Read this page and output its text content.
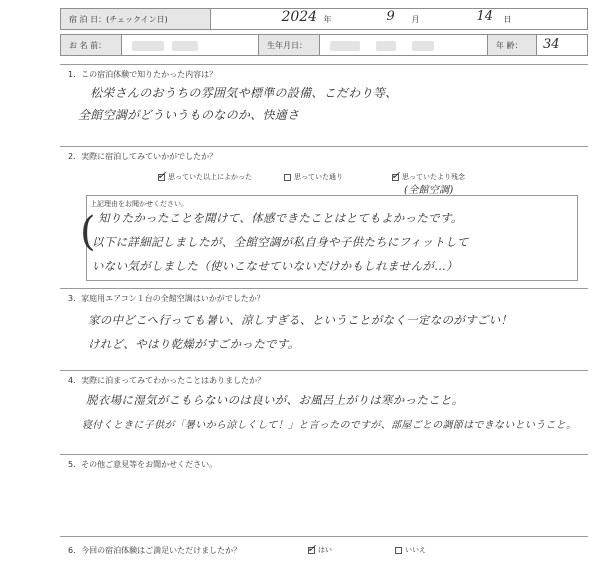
宿 泊 日：(チェックイン日)	2024 年	9 月	14 日
お 名 前：	生年月日：	年 齢：	34
1．この宿泊体験で知りたかった内容は？
松栄さんのおうちの雰囲気や標準の設備、こだわり等、
全館空調がどういうものなのか、快適さ
2．実際に宿泊してみていかがでしたか？
✓ 思っていた以上によかった	思っていた通り	✓ 思っていたより残念
(全館空調)
上記理由をお聞かせください。
( 知りたかったことを聞けて、体感できたことはとてもよかったです。
以下に詳細記しましたが、全館空調が私自身や子供たちにフィットして
いない気がしました（使いこなせていないだけかもしれませんが…）
3．家庭用エアコン１台の全館空調はいかがでしたか？
家の中どこへ行っても暑い、涼しすぎる、ということがなく一定なのがすごい！
けれど、やはり乾燥がすごかったです。
4．実際に泊まってみてわかったことはありましたか？
脱衣場に湿気がこもらないのは良いが、お風呂上がりは寒かったこと。
寝付くときに子供が「暑いから涼しくして！」と言ったのですが、部屋ごとの調節はできないということ。
5．その他ご意見等をお聞かせください。
6．今回の宿泊体験はご満足いただけましたか？	✓ はい	いいえ
